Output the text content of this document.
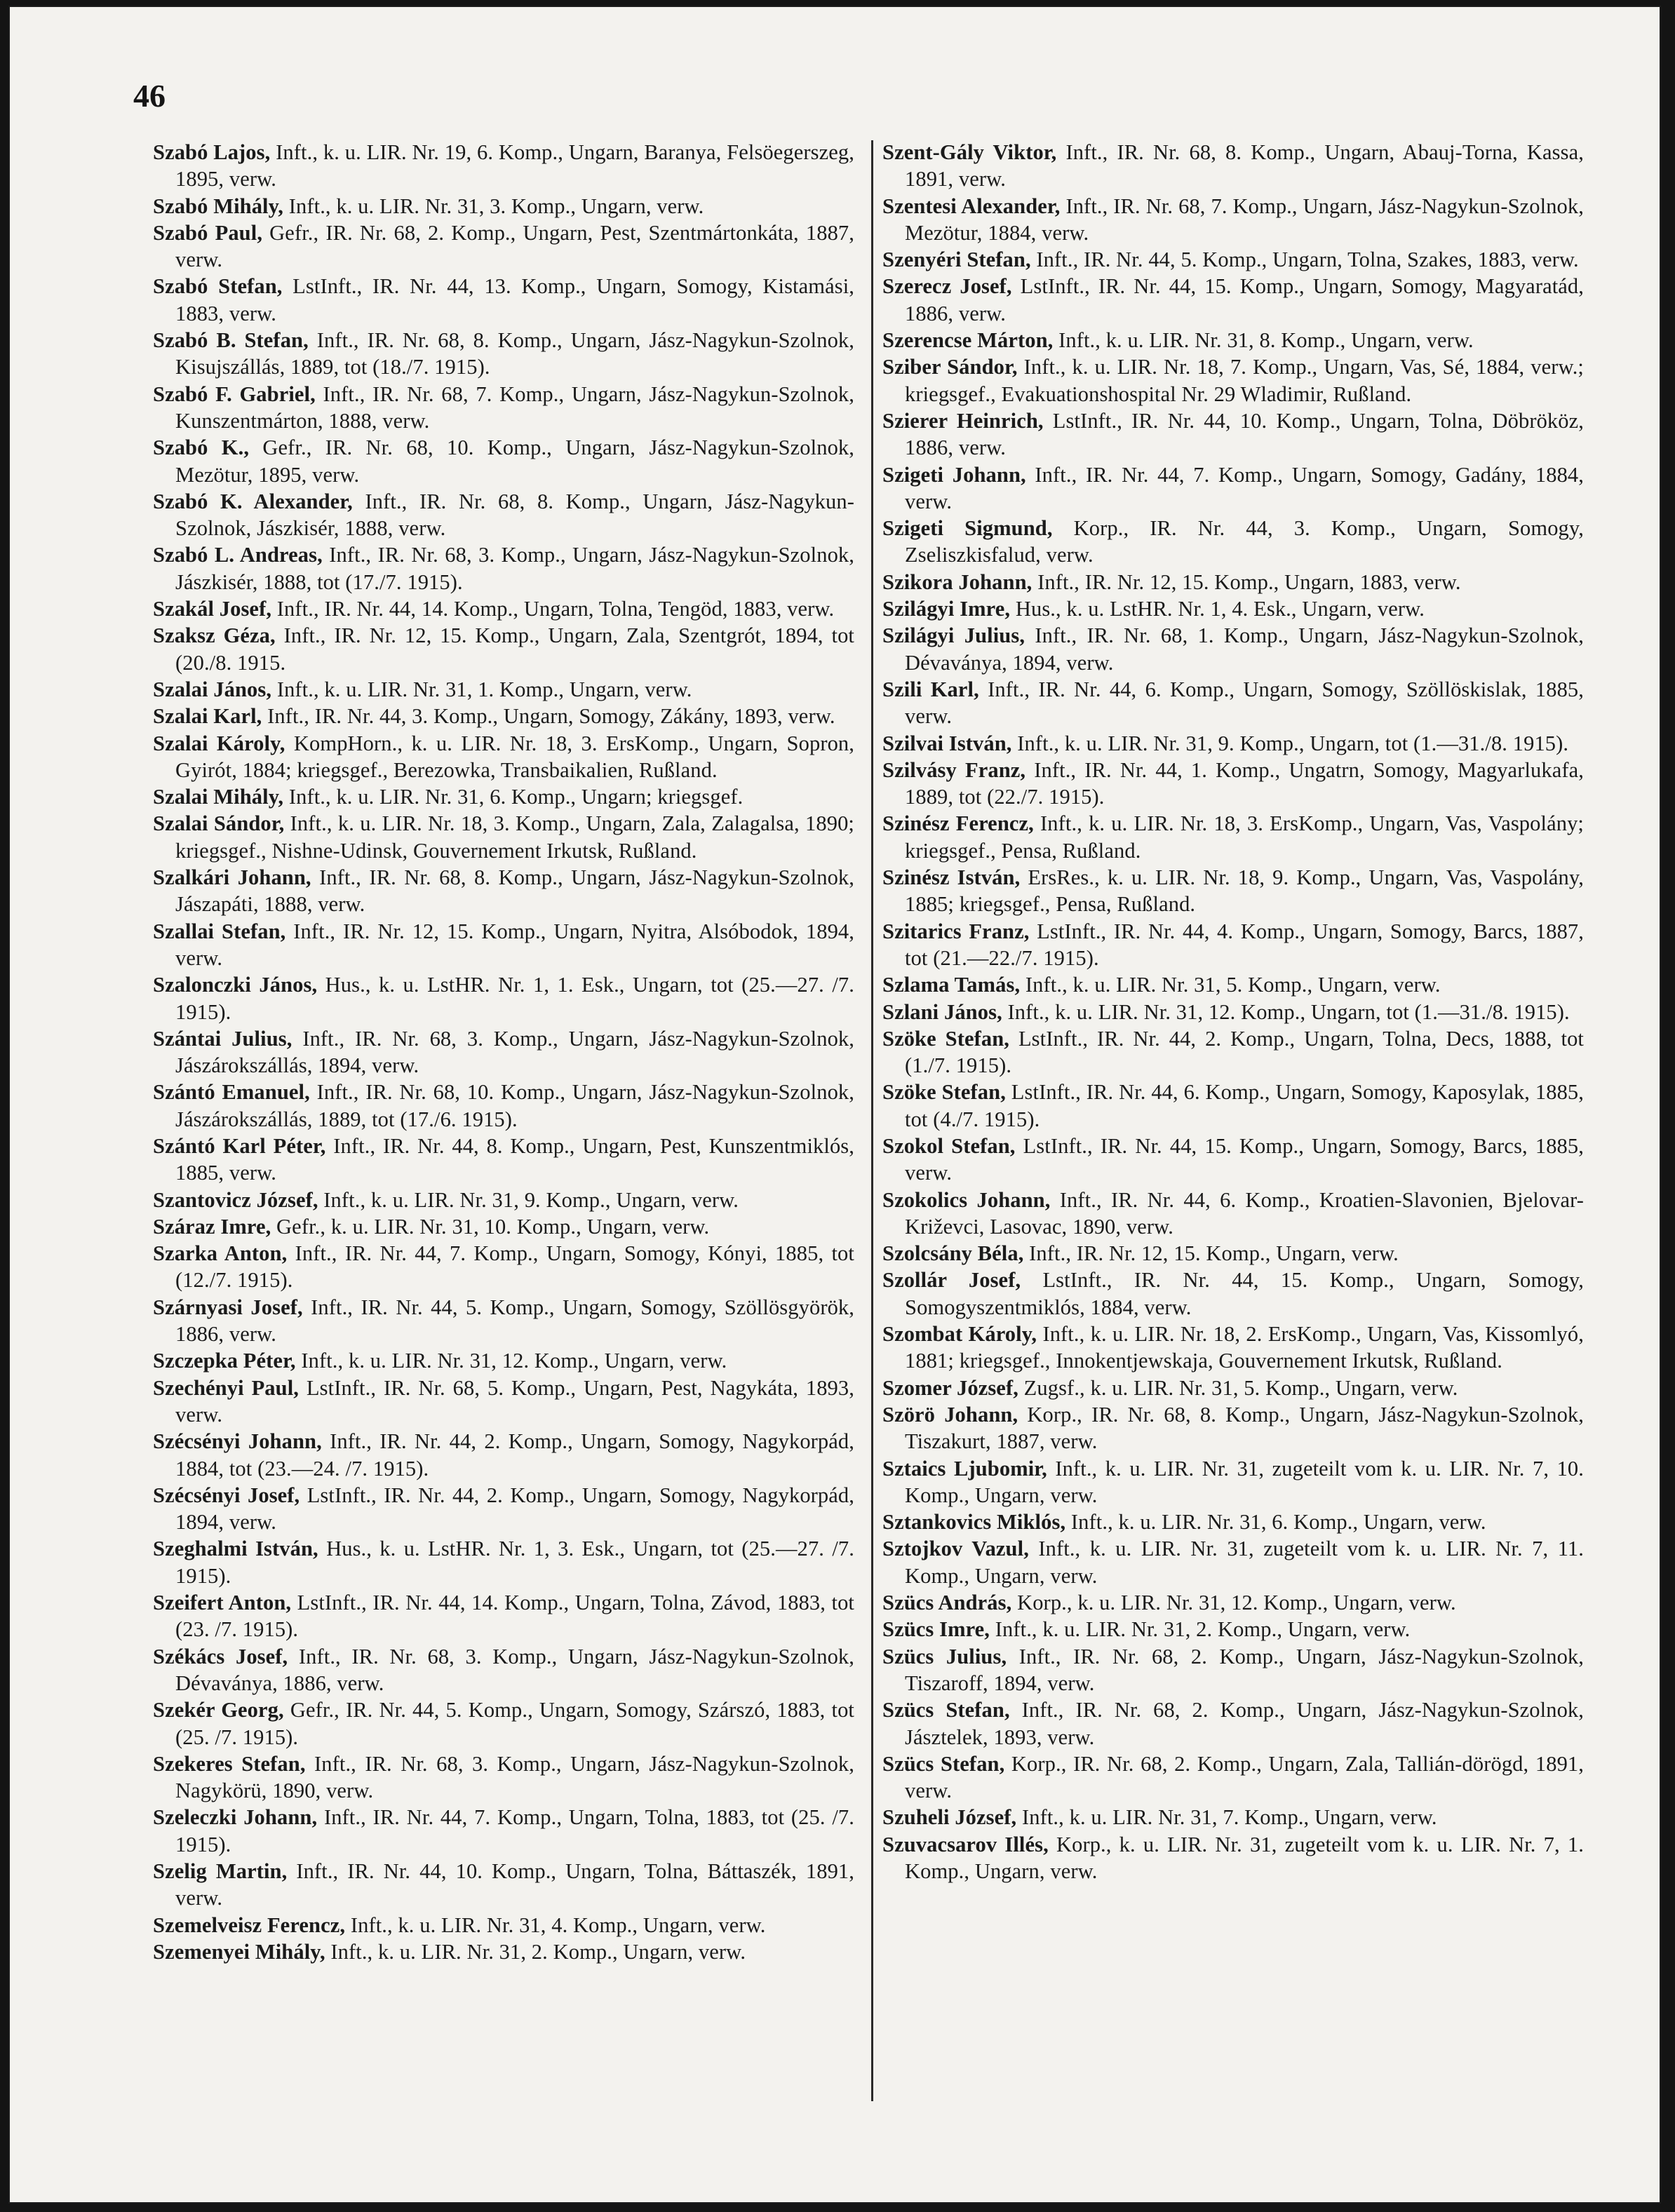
46

Szabó Lajos, Inft., k. u. LIR. Nr. 19, 6. Komp., Ungarn, Baranya, Felsöegerszeg, 1895, verw.

Szabó Mihály, Inft., k. u. LIR. Nr. 31, 3. Komp., Ungarn, verw.

Szabó Paul, Gefr., IR. Nr. 68, 2. Komp., Ungarn, Pest, Szentmártonkáta, 1887, verw.

Szabó Stefan, LstInft., IR. Nr. 44, 13. Komp., Ungarn, Somogy, Kistamási, 1883, verw.

Szabó B. Stefan, Inft., IR. Nr. 68, 8. Komp., Ungarn, Jász-Nagykun-Szolnok, Kisujszállás, 1889, tot (18./7. 1915).

Szabó F. Gabriel, Inft., IR. Nr. 68, 7. Komp., Ungarn, Jász-Nagykun-Szolnok, Kunszentmárton, 1888, verw.

Szabó K., Gefr., IR. Nr. 68, 10. Komp., Ungarn, Jász-Nagykun-Szolnok, Mezötur, 1895, verw.

Szabó K. Alexander, Inft., IR. Nr. 68, 8. Komp., Ungarn, Jász-Nagykun-Szolnok, Jászkisér, 1888, verw.

Szabó L. Andreas, Inft., IR. Nr. 68, 3. Komp., Ungarn, Jász-Nagykun-Szolnok, Jászkisér, 1888, tot (17./7. 1915).

Szakál Josef, Inft., IR. Nr. 44, 14. Komp., Ungarn, Tolna, Tengöd, 1883, verw.

Szaksz Géza, Inft., IR. Nr. 12, 15. Komp., Ungarn, Zala, Szentgrót, 1894, tot (20./8. 1915.

Szalai János, Inft., k. u. LIR. Nr. 31, 1. Komp., Ungarn, verw.

Szalai Karl, Inft., IR. Nr. 44, 3. Komp., Ungarn, Somogy, Zákány, 1893, verw.

Szalai Károly, KompHorn., k. u. LIR. Nr. 18, 3. ErsKomp., Ungarn, Sopron, Gyirót, 1884; kriegsgef., Berezowka, Transbaikalien, Rußland.

Szalai Mihály, Inft., k. u. LIR. Nr. 31, 6. Komp., Ungarn; kriegsgef.

Szalai Sándor, Inft., k. u. LIR. Nr. 18, 3. Komp., Ungarn, Zala, Zalagalsa, 1890; kriegsgef., Nishne-Udinsk, Gouvernement Irkutsk, Rußland.

Szalkári Johann, Inft., IR. Nr. 68, 8. Komp., Ungarn, Jász-Nagykun-Szolnok, Jászapáti, 1888, verw.

Szallai Stefan, Inft., IR. Nr. 12, 15. Komp., Ungarn, Nyitra, Alsóbodok, 1894, verw.

Szalonczki János, Hus., k. u. LstHR. Nr. 1, 1. Esk., Ungarn, tot (25.—27. /7. 1915).

Szántai Julius, Inft., IR. Nr. 68, 3. Komp., Ungarn, Jász-Nagykun-Szolnok, Jászárokszállás, 1894, verw.

Szántó Emanuel, Inft., IR. Nr. 68, 10. Komp., Ungarn, Jász-Nagykun-Szolnok, Jászárokszállás, 1889, tot (17./6. 1915).

Szántó Karl Péter, Inft., IR. Nr. 44, 8. Komp., Ungarn, Pest, Kunszentmiklós, 1885, verw.

Szantovicz József, Inft., k. u. LIR. Nr. 31, 9. Komp., Ungarn, verw.

Száraz Imre, Gefr., k. u. LIR. Nr. 31, 10. Komp., Ungarn, verw.

Szarka Anton, Inft., IR. Nr. 44, 7. Komp., Ungarn, Somogy, Kónyi, 1885, tot (12./7. 1915).

Szárnyasi Josef, Inft., IR. Nr. 44, 5. Komp., Ungarn, Somogy, Szöllösgyörök, 1886, verw.

Szczepka Péter, Inft., k. u. LIR. Nr. 31, 12. Komp., Ungarn, verw.

Szechényi Paul, LstInft., IR. Nr. 68, 5. Komp., Ungarn, Pest, Nagykáta, 1893, verw.

Szécsényi Johann, Inft., IR. Nr. 44, 2. Komp., Ungarn, Somogy, Nagykorpád, 1884, tot (23.—24. /7. 1915).

Szécsényi Josef, LstInft., IR. Nr. 44, 2. Komp., Ungarn, Somogy, Nagykorpád, 1894, verw.

Szeghalmi István, Hus., k. u. LstHR. Nr. 1, 3. Esk., Ungarn, tot (25.—27. /7. 1915).

Szeifert Anton, LstInft., IR. Nr. 44, 14. Komp., Ungarn, Tolna, Závod, 1883, tot (23. /7. 1915).

Székács Josef, Inft., IR. Nr. 68, 3. Komp., Ungarn, Jász-Nagykun-Szolnok, Dévaványa, 1886, verw.

Szekér Georg, Gefr., IR. Nr. 44, 5. Komp., Ungarn, Somogy, Szárszó, 1883, tot (25. /7. 1915).

Szekeres Stefan, Inft., IR. Nr. 68, 3. Komp., Ungarn, Jász-Nagykun-Szolnok, Nagykörü, 1890, verw.

Szeleczki Johann, Inft., IR. Nr. 44, 7. Komp., Ungarn, Tolna, 1883, tot (25. /7. 1915).

Szelig Martin, Inft., IR. Nr. 44, 10. Komp., Ungarn, Tolna, Báttaszék, 1891, verw.

Szemelveisz Ferencz, Inft., k. u. LIR. Nr. 31, 4. Komp., Ungarn, verw.

Szemenyei Mihály, Inft., k. u. LIR. Nr. 31, 2. Komp., Ungarn, verw.

Szent-Gály Viktor, Inft., IR. Nr. 68, 8. Komp., Ungarn, Abauj-Torna, Kassa, 1891, verw.

Szentesi Alexander, Inft., IR. Nr. 68, 7. Komp., Ungarn, Jász-Nagykun-Szolnok, Mezötur, 1884, verw.

Szenyéri Stefan, Inft., IR. Nr. 44, 5. Komp., Ungarn, Tolna, Szakes, 1883, verw.

Szerecz Josef, LstInft., IR. Nr. 44, 15. Komp., Ungarn, Somogy, Magyaratád, 1886, verw.

Szerencse Márton, Inft., k. u. LIR. Nr. 31, 8. Komp., Ungarn, verw.

Sziber Sándor, Inft., k. u. LIR. Nr. 18, 7. Komp., Ungarn, Vas, Sé, 1884, verw.; kriegsgef., Evakuationshospital Nr. 29 Wladimir, Rußland.

Szierer Heinrich, LstInft., IR. Nr. 44, 10. Komp., Ungarn, Tolna, Döbrököz, 1886, verw.

Szigeti Johann, Inft., IR. Nr. 44, 7. Komp., Ungarn, Somogy, Gadány, 1884, verw.

Szigeti Sigmund, Korp., IR. Nr. 44, 3. Komp., Ungarn, Somogy, Zseliszkisfalud, verw.

Szikora Johann, Inft., IR. Nr. 12, 15. Komp., Ungarn, 1883, verw.

Szilágyi Imre, Hus., k. u. LstHR. Nr. 1, 4. Esk., Ungarn, verw.

Szilágyi Julius, Inft., IR. Nr. 68, 1. Komp., Ungarn, Jász-Nagykun-Szolnok, Dévaványa, 1894, verw.

Szili Karl, Inft., IR. Nr. 44, 6. Komp., Ungarn, Somogy, Szöllöskislak, 1885, verw.

Szilvai István, Inft., k. u. LIR. Nr. 31, 9. Komp., Ungarn, tot (1.—31./8. 1915).

Szilvásy Franz, Inft., IR. Nr. 44, 1. Komp., Ungatrn, Somogy, Magyarlukafa, 1889, tot (22./7. 1915).

Szinész Ferencz, Inft., k. u. LIR. Nr. 18, 3. ErsKomp., Ungarn, Vas, Vaspolány; kriegsgef., Pensa, Rußland.

Szinész István, ErsRes., k. u. LIR. Nr. 18, 9. Komp., Ungarn, Vas, Vaspolány, 1885; kriegsgef., Pensa, Rußland.

Szitarics Franz, LstInft., IR. Nr. 44, 4. Komp., Ungarn, Somogy, Barcs, 1887, tot (21.—22./7. 1915).

Szlama Tamás, Inft., k. u. LIR. Nr. 31, 5. Komp., Ungarn, verw.

Szlani János, Inft., k. u. LIR. Nr. 31, 12. Komp., Ungarn, tot (1.—31./8. 1915).

Szöke Stefan, LstInft., IR. Nr. 44, 2. Komp., Ungarn, Tolna, Decs, 1888, tot (1./7. 1915).

Szöke Stefan, LstInft., IR. Nr. 44, 6. Komp., Ungarn, Somogy, Kaposylak, 1885, tot (4./7. 1915).

Szokol Stefan, LstInft., IR. Nr. 44, 15. Komp., Ungarn, Somogy, Barcs, 1885, verw.

Szokolics Johann, Inft., IR. Nr. 44, 6. Komp., Kroatien-Slavonien, Bjelovar-Križevci, Lasovac, 1890, verw.

Szolcsány Béla, Inft., IR. Nr. 12, 15. Komp., Ungarn, verw.

Szollár Josef, LstInft., IR. Nr. 44, 15. Komp., Ungarn, Somogy, Somogyszentmiklós, 1884, verw.

Szombat Károly, Inft., k. u. LIR. Nr. 18, 2. ErsKomp., Ungarn, Vas, Kissomlyó, 1881; kriegsgef., Innokentjewskaja, Gouvernement Irkutsk, Rußland.

Szomer József, Zugsf., k. u. LIR. Nr. 31, 5. Komp., Ungarn, verw.

Szörö Johann, Korp., IR. Nr. 68, 8. Komp., Ungarn, Jász-Nagykun-Szolnok, Tiszakurt, 1887, verw.

Sztaics Ljubomir, Inft., k. u. LIR. Nr. 31, zugeteilt vom k. u. LIR. Nr. 7, 10. Komp., Ungarn, verw.

Sztankovics Miklós, Inft., k. u. LIR. Nr. 31, 6. Komp., Ungarn, verw.

Sztojkov Vazul, Inft., k. u. LIR. Nr. 31, zugeteilt vom k. u. LIR. Nr. 7, 11. Komp., Ungarn, verw.

Szücs András, Korp., k. u. LIR. Nr. 31, 12. Komp., Ungarn, verw.

Szücs Imre, Inft., k. u. LIR. Nr. 31, 2. Komp., Ungarn, verw.

Szücs Julius, Inft., IR. Nr. 68, 2. Komp., Ungarn, Jász-Nagykun-Szolnok, Tiszaroff, 1894, verw.

Szücs Stefan, Inft., IR. Nr. 68, 2. Komp., Ungarn, Jász-Nagykun-Szolnok, Jásztelek, 1893, verw.

Szücs Stefan, Korp., IR. Nr. 68, 2. Komp., Ungarn, Zala, Tallián-dörögd, 1891, verw.

Szuheli József, Inft., k. u. LIR. Nr. 31, 7. Komp., Ungarn, verw.

Szuvacsarov Illés, Korp., k. u. LIR. Nr. 31, zugeteilt vom k. u. LIR. Nr. 7, 1. Komp., Ungarn, verw.
